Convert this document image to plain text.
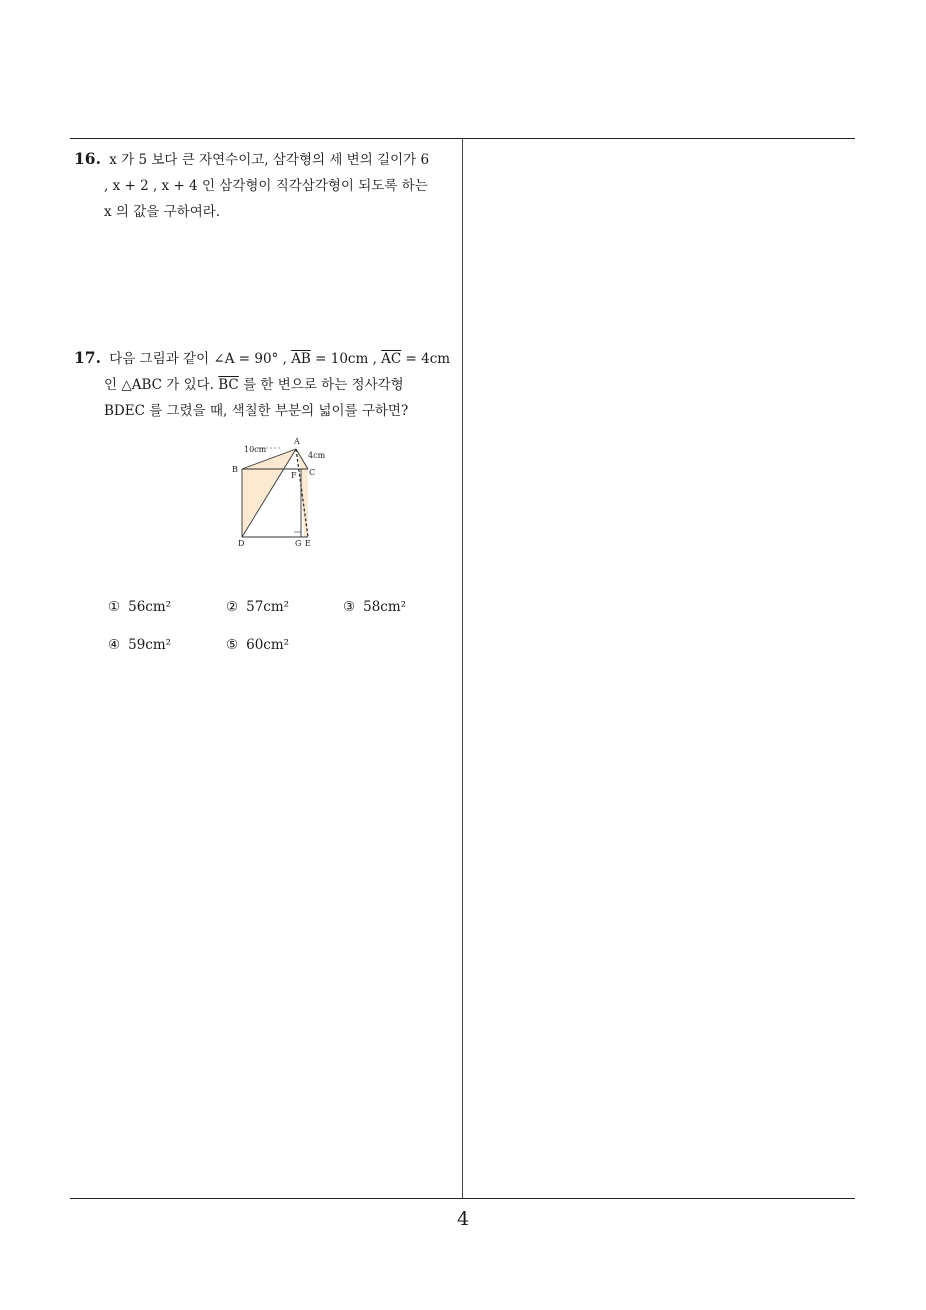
16. x 가 5 보다 큰 자연수이고, 삼각형의 세 변의 길이가 6
, x + 2 , x + 4 인 삼각형이 직각삼각형이 되도록 하는
x 의 값을 구하여라.
17. 다음 그림과 같이 ∠A = 90° , $\overline{AB} = 10cm$ , $\overline{AC} = 4cm$
인 △ABC 가 있다. $\overline{BC}$ 를 한 변으로 하는 정사각형
BDEC 를 그렸을 때, 색칠한 부분의 넓이를 구하면?
A
B	C
F
D	G E
10cm
4cm
① 56cm²	② 57cm²	③ 58cm²
④ 59cm²	⑤ 60cm²
4
